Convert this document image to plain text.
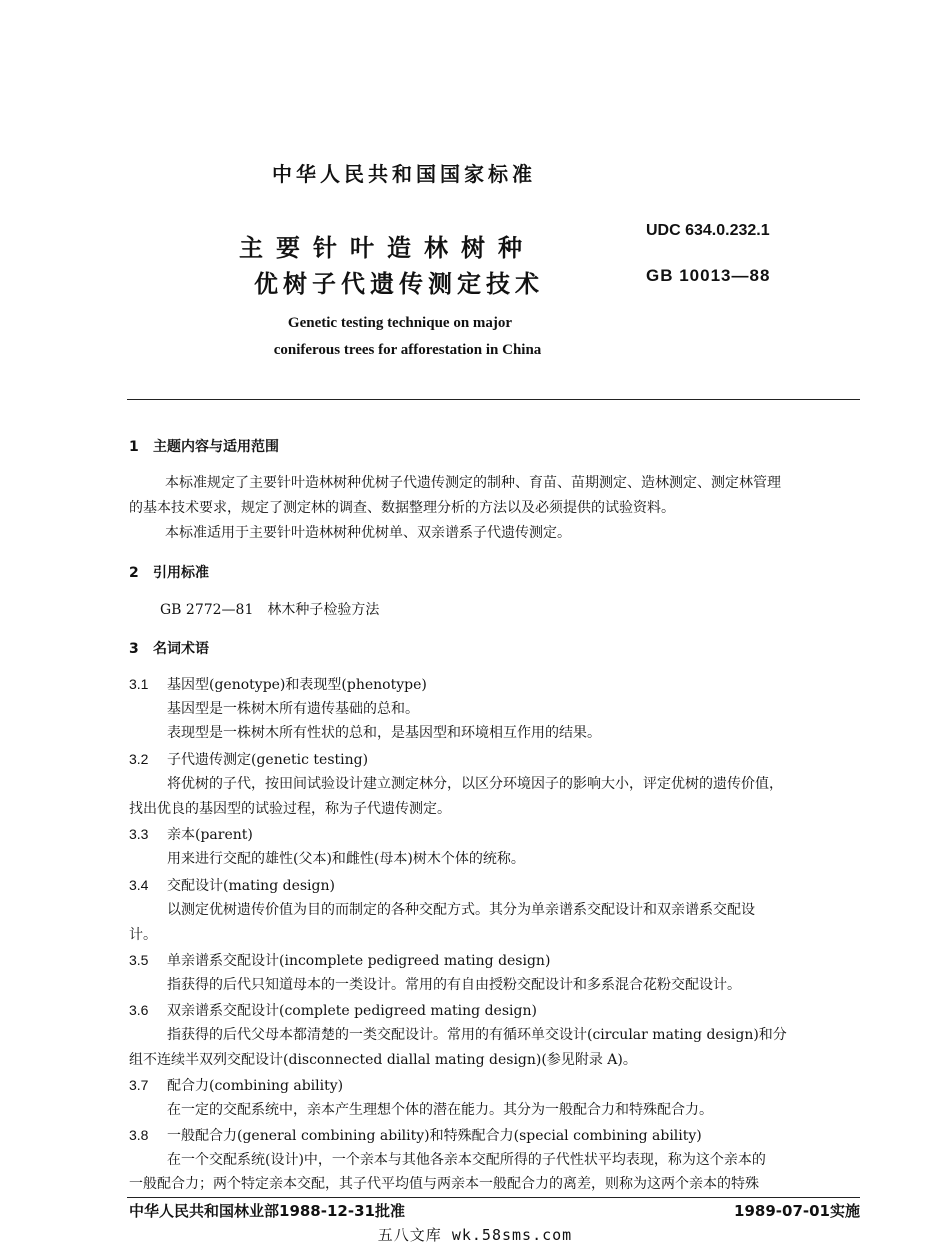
中华人民共和国国家标准
主要针叶造林树种
优树子代遗传测定技术
UDC 634.0.232.1
GB 10013—88
Genetic testing technique on major
coniferous trees for afforestation in China
1 主题内容与适用范围
本标准规定了主要针叶造林树种优树子代遗传测定的制种、育苗、苗期测定、造林测定、测定林管理
的基本技术要求，规定了测定林的调查、数据整理分析的方法以及必须提供的试验资料。
本标准适用于主要针叶造林树种优树单、双亲谱系子代遗传测定。
2 引用标准
GB 2772—81　林木种子检验方法
3 名词术语
3.1 基因型(genotype)和表现型(phenotype)
基因型是一株树木所有遗传基础的总和。
表现型是一株树木所有性状的总和，是基因型和环境相互作用的结果。
3.2 子代遗传测定(genetic testing)
将优树的子代，按田间试验设计建立测定林分，以区分环境因子的影响大小，评定优树的遗传价值，
找出优良的基因型的试验过程，称为子代遗传测定。
3.3 亲本(parent)
用来进行交配的雄性(父本)和雌性(母本)树木个体的统称。
3.4 交配设计(mating design)
以测定优树遗传价值为目的而制定的各种交配方式。其分为单亲谱系交配设计和双亲谱系交配设
计。
3.5 单亲谱系交配设计(incomplete pedigreed mating design)
指获得的后代只知道母本的一类设计。常用的有自由授粉交配设计和多系混合花粉交配设计。
3.6 双亲谱系交配设计(complete pedigreed mating design)
指获得的后代父母本都清楚的一类交配设计。常用的有循环单交设计(circular mating design)和分
组不连续半双列交配设计(disconnected diallal mating design)(参见附录 A)。
3.7 配合力(combining ability)
在一定的交配系统中，亲本产生理想个体的潜在能力。其分为一般配合力和特殊配合力。
3.8 一般配合力(general combining ability)和特殊配合力(special combining ability)
在一个交配系统(设计)中，一个亲本与其他各亲本交配所得的子代性状平均表现，称为这个亲本的
一般配合力；两个特定亲本交配，其子代平均值与两亲本一般配合力的离差，则称为这两个亲本的特殊
中华人民共和国林业部1988-12-31批准	1989-07-01实施
五八文库 wk.58sms.com
